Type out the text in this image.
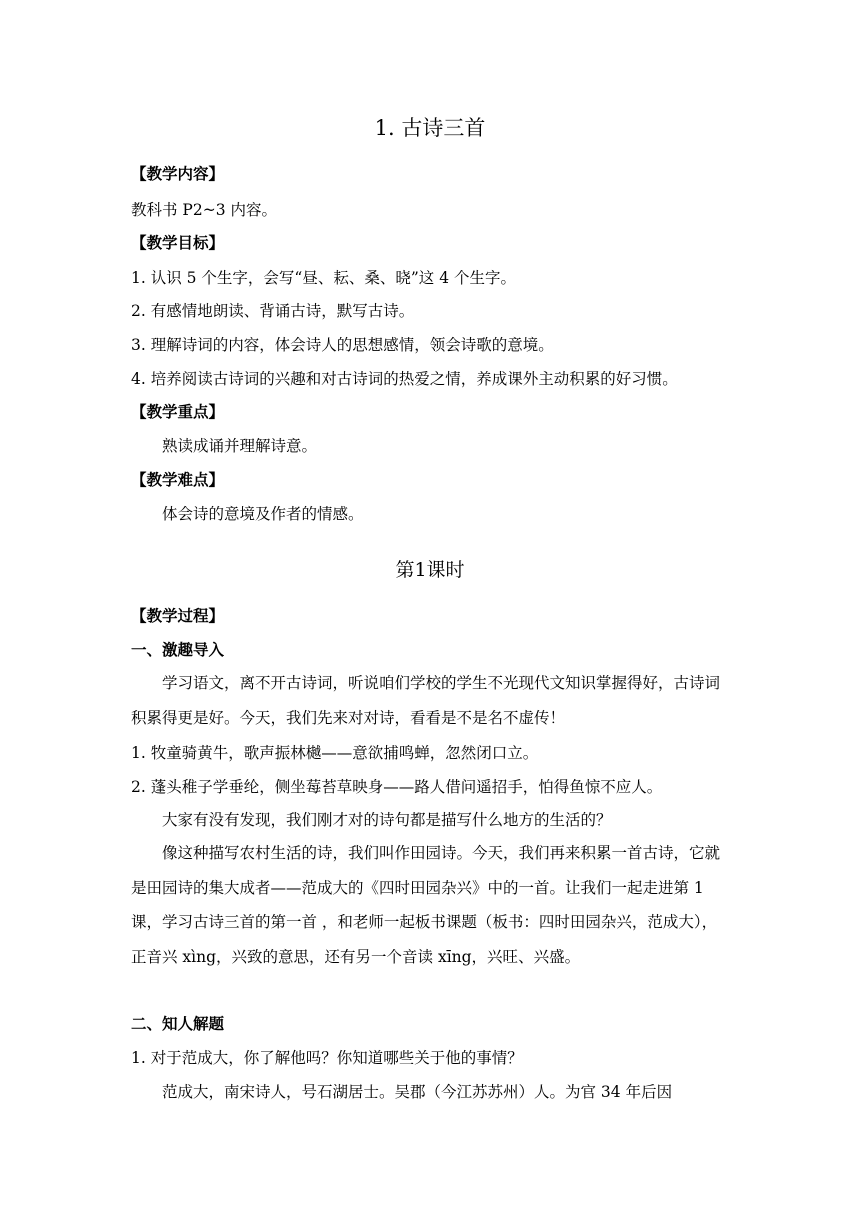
1. 古诗三首
【教学内容】
教科书 P2~3 内容。
【教学目标】
1. 认识 5 个生字，会写“昼、耘、桑、晓”这 4 个生字。
2. 有感情地朗读、背诵古诗，默写古诗。
3. 理解诗词的内容，体会诗人的思想感情，领会诗歌的意境。
4. 培养阅读古诗词的兴趣和对古诗词的热爱之情，养成课外主动积累的好习惯。
【教学重点】
熟读成诵并理解诗意。
【教学难点】
体会诗的意境及作者的情感。
第1课时
【教学过程】
一、激趣导入
学习语文，离不开古诗词，听说咱们学校的学生不光现代文知识掌握得好，古诗词积累得更是好。今天，我们先来对对诗，看看是不是名不虚传！
1. 牧童骑黄牛，歌声振林樾——意欲捕鸣蝉，忽然闭口立。
2. 蓬头稚子学垂纶，侧坐莓苔草映身——路人借问遥招手，怕得鱼惊不应人。
大家有没有发现，我们刚才对的诗句都是描写什么地方的生活的？
像这种描写农村生活的诗，我们叫作田园诗。今天，我们再来积累一首古诗，它就是田园诗的集大成者——范成大的《四时田园杂兴》中的一首。让我们一起走进第 1 课，学习古诗三首的第一首 ，和老师一起板书课题（板书：四时田园杂兴，范成大），正音兴 xìng，兴致的意思，还有另一个音读 xīng，兴旺、兴盛。
二、知人解题
1. 对于范成大，你了解他吗？你知道哪些关于他的事情？
范成大，南宋诗人，号石湖居士。吴郡（今江苏苏州）人。为官 34 年后因
